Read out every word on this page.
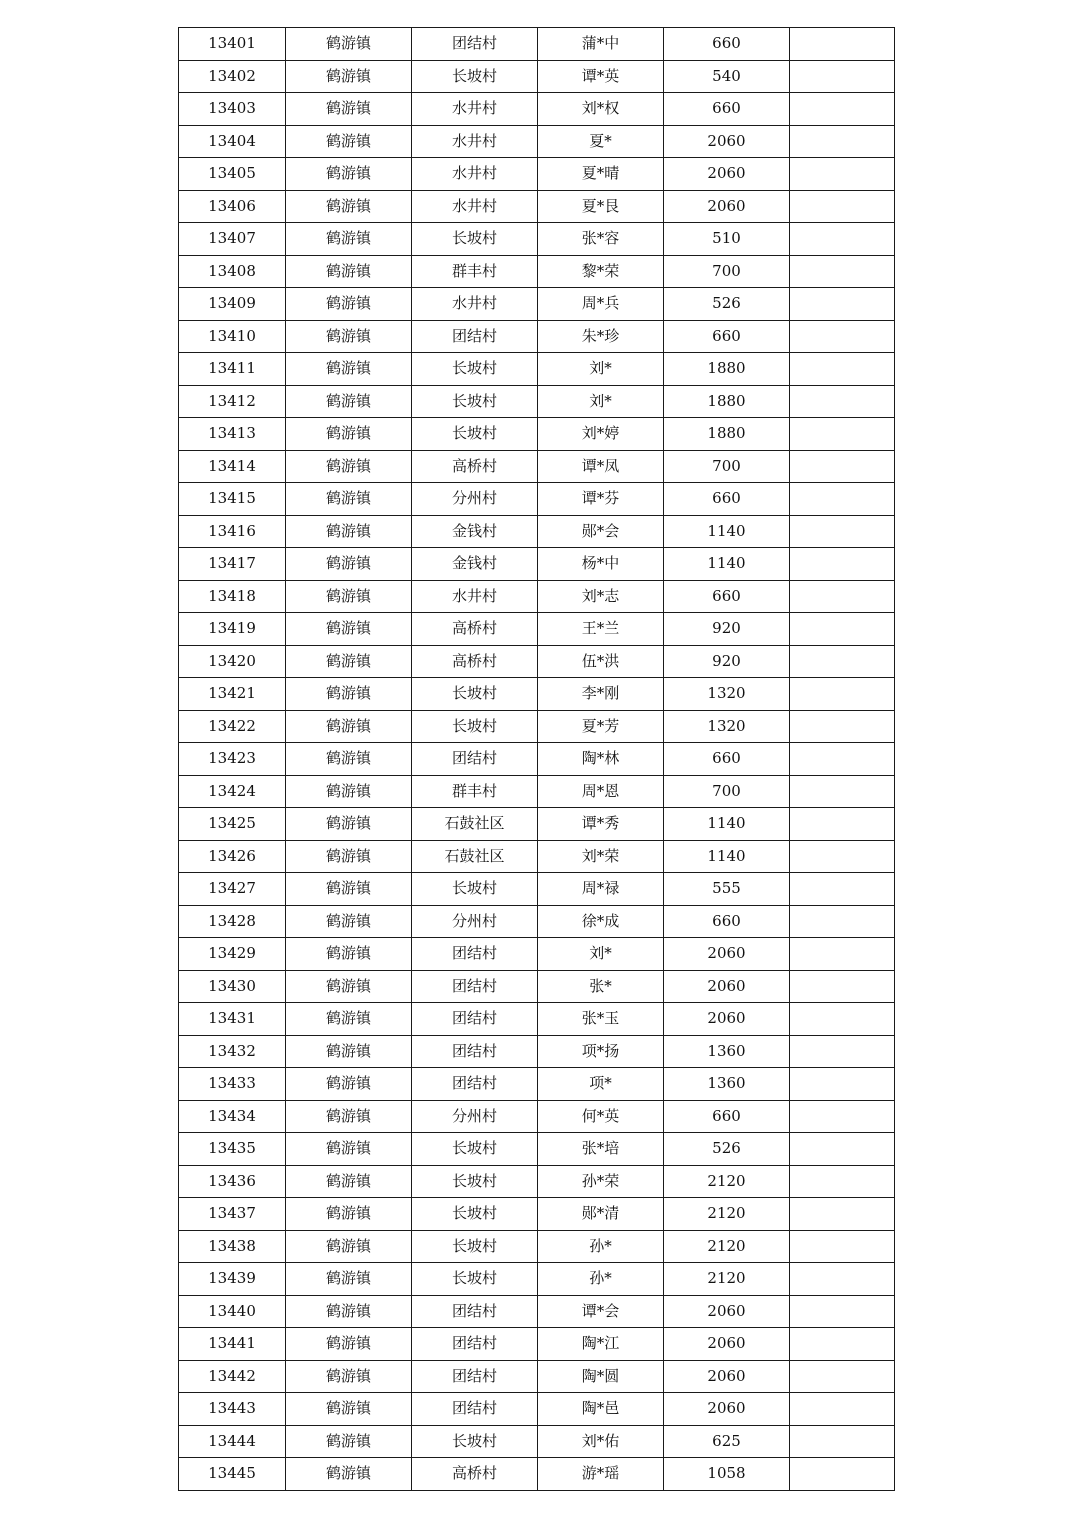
13401	鹤游镇	团结村	蒲*中	660	
13402	鹤游镇	长坡村	谭*英	540	
13403	鹤游镇	水井村	刘*权	660	
13404	鹤游镇	水井村	夏*	2060	
13405	鹤游镇	水井村	夏*晴	2060	
13406	鹤游镇	水井村	夏*艮	2060	
13407	鹤游镇	长坡村	张*容	510	
13408	鹤游镇	群丰村	黎*荣	700	
13409	鹤游镇	水井村	周*兵	526	
13410	鹤游镇	团结村	朱*珍	660	
13411	鹤游镇	长坡村	刘*	1880	
13412	鹤游镇	长坡村	刘*	1880	
13413	鹤游镇	长坡村	刘*婷	1880	
13414	鹤游镇	高桥村	谭*凤	700	
13415	鹤游镇	分州村	谭*芬	660	
13416	鹤游镇	金钱村	郧*会	1140	
13417	鹤游镇	金钱村	杨*中	1140	
13418	鹤游镇	水井村	刘*志	660	
13419	鹤游镇	高桥村	王*兰	920	
13420	鹤游镇	高桥村	伍*洪	920	
13421	鹤游镇	长坡村	李*刚	1320	
13422	鹤游镇	长坡村	夏*芳	1320	
13423	鹤游镇	团结村	陶*林	660	
13424	鹤游镇	群丰村	周*恩	700	
13425	鹤游镇	石鼓社区	谭*秀	1140	
13426	鹤游镇	石鼓社区	刘*荣	1140	
13427	鹤游镇	长坡村	周*禄	555	
13428	鹤游镇	分州村	徐*成	660	
13429	鹤游镇	团结村	刘*	2060	
13430	鹤游镇	团结村	张*	2060	
13431	鹤游镇	团结村	张*玉	2060	
13432	鹤游镇	团结村	项*扬	1360	
13433	鹤游镇	团结村	项*	1360	
13434	鹤游镇	分州村	何*英	660	
13435	鹤游镇	长坡村	张*培	526	
13436	鹤游镇	长坡村	孙*荣	2120	
13437	鹤游镇	长坡村	郧*清	2120	
13438	鹤游镇	长坡村	孙*	2120	
13439	鹤游镇	长坡村	孙*	2120	
13440	鹤游镇	团结村	谭*会	2060	
13441	鹤游镇	团结村	陶*江	2060	
13442	鹤游镇	团结村	陶*圆	2060	
13443	鹤游镇	团结村	陶*邑	2060	
13444	鹤游镇	长坡村	刘*佑	625	
13445	鹤游镇	高桥村	游*瑶	1058	
